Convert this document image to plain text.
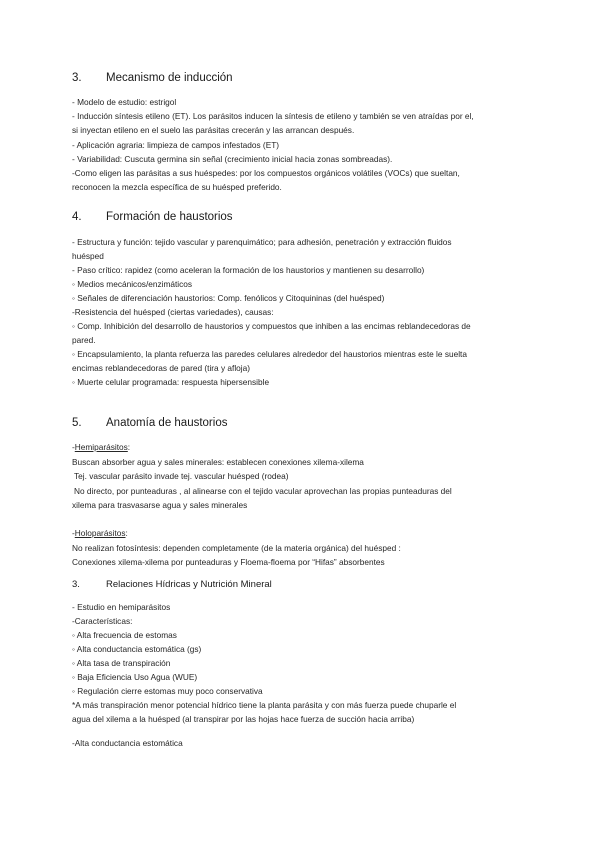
3. Mecanismo de inducción
- Modelo de estudio: estrigol
- Inducción síntesis etileno (ET). Los parásitos inducen la síntesis de etileno y también se ven atraídas por el,
si inyectan etileno en el suelo las parásitas crecerán y las arrancan después.
- Aplicación agraria: limpieza de campos infestados (ET)
- Variabilidad: Cuscuta germina sin señal (crecimiento inicial hacia zonas sombreadas).
-Como eligen las parásitas a sus huéspedes: por los compuestos orgánicos volátiles (VOCs) que sueltan,
reconocen la mezcla específica de su huésped preferido.
4. Formación de haustorios
- Estructura y función: tejido vascular y parenquimático; para adhesión, penetración y extracción fluidos
huésped
- Paso crítico: rapidez (como aceleran la formación de los haustorios y mantienen su desarrollo)
◦ Medios mecánicos/enzimáticos
◦ Señales de diferenciación haustorios: Comp. fenólicos y Citoquininas (del huésped)
-Resistencia del huésped (ciertas variedades), causas:
◦ Comp. Inhibición del desarrollo de haustorios y compuestos que inhiben a las encimas reblandecedoras de
pared.
◦ Encapsulamiento, la planta refuerza las paredes celulares alrededor del haustorios mientras este le suelta
encimas reblandecedoras de pared (tira y afloja)
◦ Muerte celular programada: respuesta hipersensible
5. Anatomía de haustorios
-Hemiparásitos:
Buscan absorber agua y sales minerales: establecen conexiones xilema-xilema
Tej. vascular parásito invade tej. vascular huésped (rodea)
No directo, por punteaduras , al alinearse con el tejido vacular aprovechan las propias punteaduras del
xilema para trasvasarse agua y sales minerales
-Holoparásitos:
No realizan fotosíntesis: dependen completamente (de la materia orgánica) del huésped :
Conexiones xilema-xilema por punteaduras y Floema-floema por “Hifas” absorbentes
3.	Relaciones Hídricas y Nutrición Mineral
- Estudio en hemiparásitos
-Características:
◦ Alta frecuencia de estomas
◦ Alta conductancia estomática (gs)
◦ Alta tasa de transpiración
◦ Baja Eficiencia Uso Agua (WUE)
◦ Regulación cierre estomas muy poco conservativa
*A más transpiración menor potencial hídrico tiene la planta parásita y con más fuerza puede chuparle el
agua del xilema a la huésped (al transpirar por las hojas hace fuerza de succión hacia arriba)
-Alta conductancia estomática
